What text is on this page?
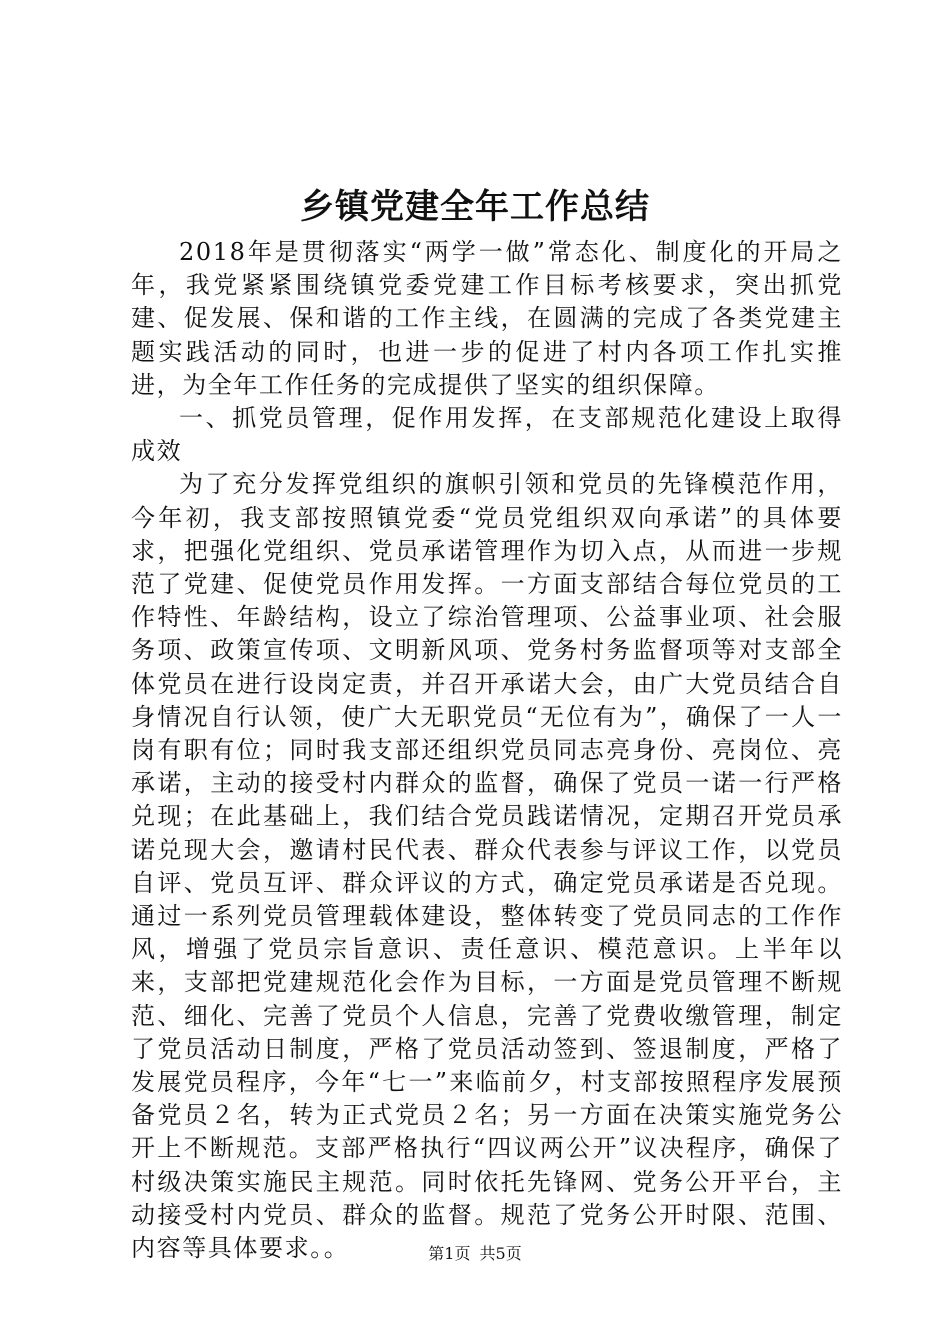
乡镇党建全年工作总结

2018年是贯彻落实“两学一做”常态化、制度化的开局之年，我党紧紧围绕镇党委党建工作目标考核要求，突出抓党建、促发展、保和谐的工作主线，在圆满的完成了各类党建主题实践活动的同时，也进一步的促进了村内各项工作扎实推进，为全年工作任务的完成提供了坚实的组织保障。

一、抓党员管理，促作用发挥，在支部规范化建设上取得成效

为了充分发挥党组织的旗帜引领和党员的先锋模范作用，今年初，我支部按照镇党委“党员党组织双向承诺”的具体要求，把强化党组织、党员承诺管理作为切入点，从而进一步规范了党建、促使党员作用发挥。一方面支部结合每位党员的工作特性、年龄结构，设立了综治管理项、公益事业项、社会服务项、政策宣传项、文明新风项、党务村务监督项等对支部全体党员在进行设岗定责，并召开承诺大会，由广大党员结合自身情况自行认领，使广大无职党员“无位有为”，确保了一人一岗有职有位；同时我支部还组织党员同志亮身份、亮岗位、亮承诺，主动的接受村内群众的监督，确保了党员一诺一行严格兑现；在此基础上，我们结合党员践诺情况，定期召开党员承诺兑现大会，邀请村民代表、群众代表参与评议工作，以党员自评、党员互评、群众评议的方式，确定党员承诺是否兑现。通过一系列党员管理载体建设，整体转变了党员同志的工作作风，增强了党员宗旨意识、责任意识、模范意识。上半年以来，支部把党建规范化会作为目标，一方面是党员管理不断规范、细化、完善了党员个人信息，完善了党费收缴管理，制定了党员活动日制度，严格了党员活动签到、签退制度，严格了发展党员程序，今年“七一”来临前夕，村支部按照程序发展预备党员２名，转为正式党员２名；另一方面在决策实施党务公开上不断规范。支部严格执行“四议两公开”议决程序，确保了村级决策实施民主规范。同时依托先锋网、党务公开平台，主动接受村内党员、群众的监督。规范了党务公开时限、范围、内容等具体要求。。	第1页 共5页
